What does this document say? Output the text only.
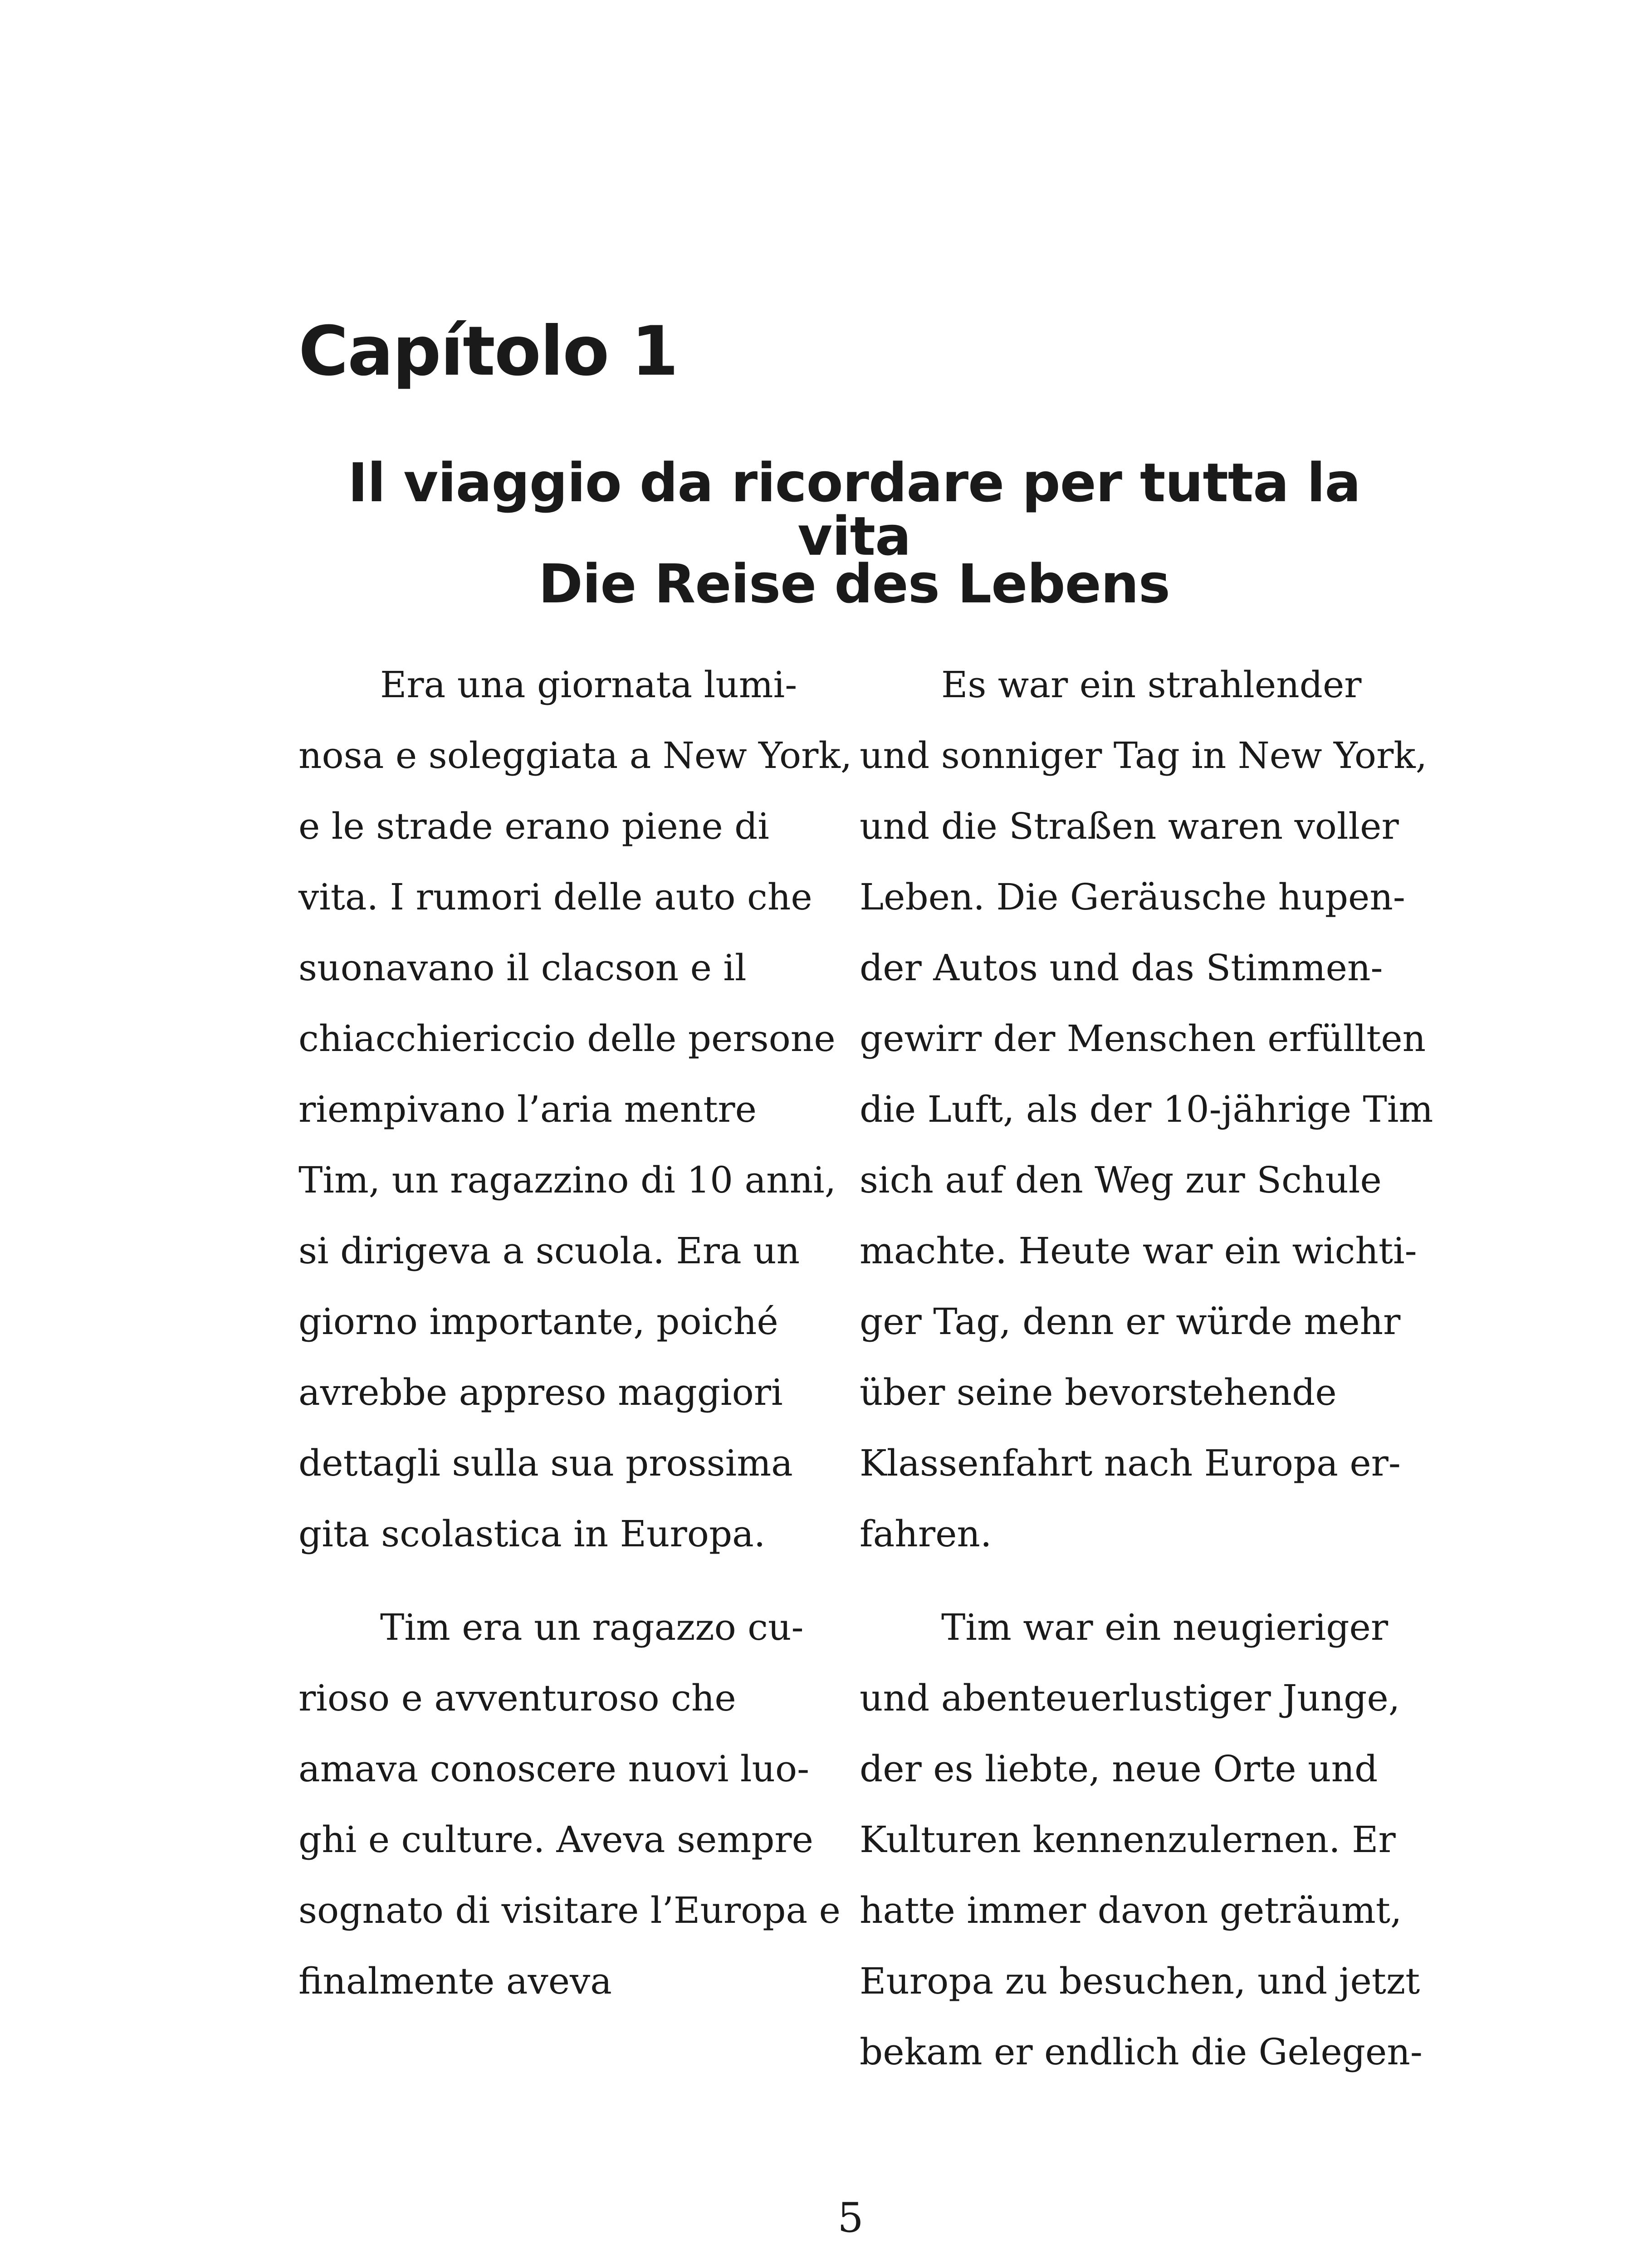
Capítolo 1
Il viaggio da ricordare per tutta la vita
Die Reise des Lebens

Era una giornata lumi-
nosa e soleggiata a New York,
e le strade erano piene di
vita. I rumori delle auto che
suonavano il clacson e il
chiacchiericcio delle persone
riempivano l’aria mentre
Tim, un ragazzino di 10 anni,
si dirigeva a scuola. Era un
giorno importante, poiché
avrebbe appreso maggiori
dettagli sulla sua prossima
gita scolastica in Europa.

Tim era un ragazzo cu-
rioso e avventuroso che
amava conoscere nuovi luo-
ghi e culture. Aveva sempre
sognato di visitare l’Europa e
finalmente aveva

Es war ein strahlender
und sonniger Tag in New York,
und die Straßen waren voller
Leben. Die Geräusche hupen-
der Autos und das Stimmen-
gewirr der Menschen erfüllten
die Luft, als der 10-jährige Tim
sich auf den Weg zur Schule
machte. Heute war ein wichti-
ger Tag, denn er würde mehr
über seine bevorstehende
Klassenfahrt nach Europa er-
fahren.

Tim war ein neugieriger
und abenteuerlustiger Junge,
der es liebte, neue Orte und
Kulturen kennenzulernen. Er
hatte immer davon geträumt,
Europa zu besuchen, und jetzt
bekam er endlich die Gelegen-

5
